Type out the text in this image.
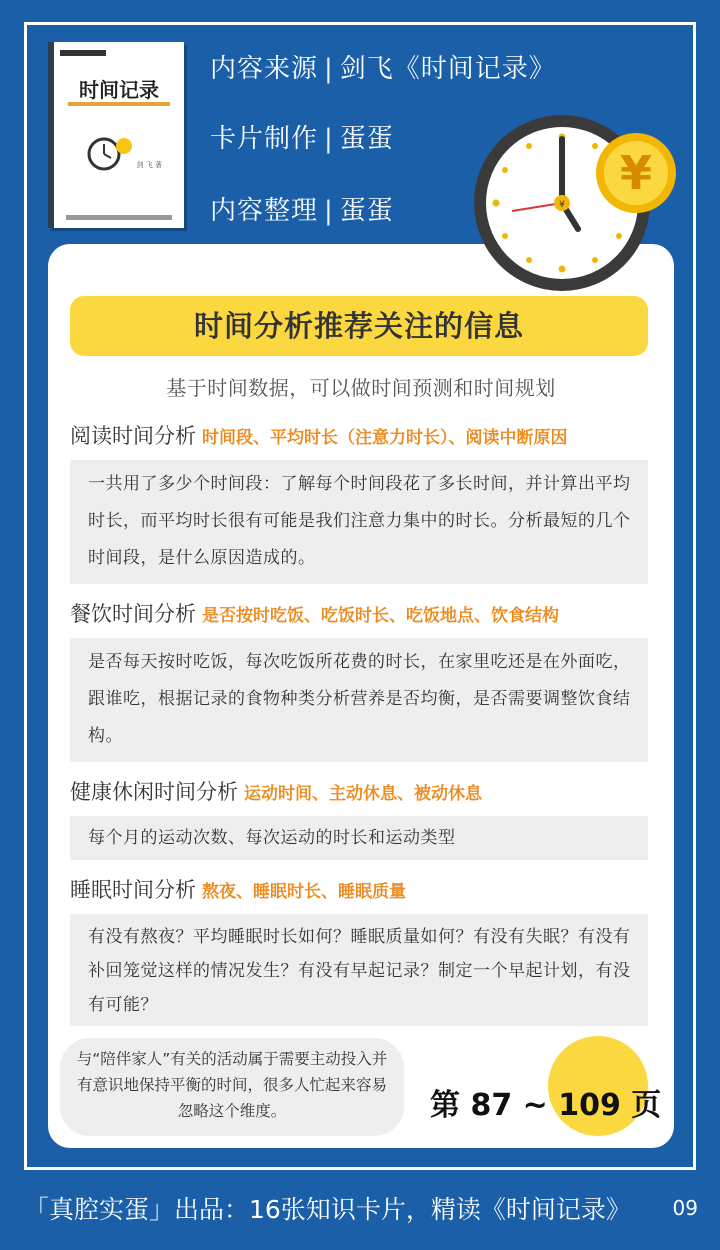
时间记录
剑 飞 著
内容来源 | 剑飞《时间记录》
卡片制作 | 蛋蛋
内容整理 | 蛋蛋	¥
¥
时间分析推荐关注的信息
基于时间数据，可以做时间预测和时间规划
阅读时间分析 时间段、平均时长（注意力时长）、阅读中断原因
一共用了多少个时间段：了解每个时间段花了多长时间，并计算出平均时长，而平均时长很有可能是我们注意力集中的时长。分析最短的几个时间段，是什么原因造成的。
餐饮时间分析 是否按时吃饭、吃饭时长、吃饭地点、饮食结构
是否每天按时吃饭，每次吃饭所花费的时长，在家里吃还是在外面吃，跟谁吃，根据记录的食物种类分析营养是否均衡，是否需要调整饮食结构。
健康休闲时间分析 运动时间、主动休息、被动休息
每个月的运动次数、每次运动的时长和运动类型
睡眠时间分析 熬夜、睡眠时长、睡眠质量
有没有熬夜？平均睡眠时长如何？睡眠质量如何？有没有失眠？有没有补回笼觉这样的情况发生？有没有早起记录？制定一个早起计划，有没有可能？
与“陪伴家人”有关的活动属于需要主动投入并有意识地保持平衡的时间，很多人忙起来容易忽略这个维度。	第 87 ~ 109 页
「真腔实蛋」出品：16张知识卡片，精读《时间记录》 09
